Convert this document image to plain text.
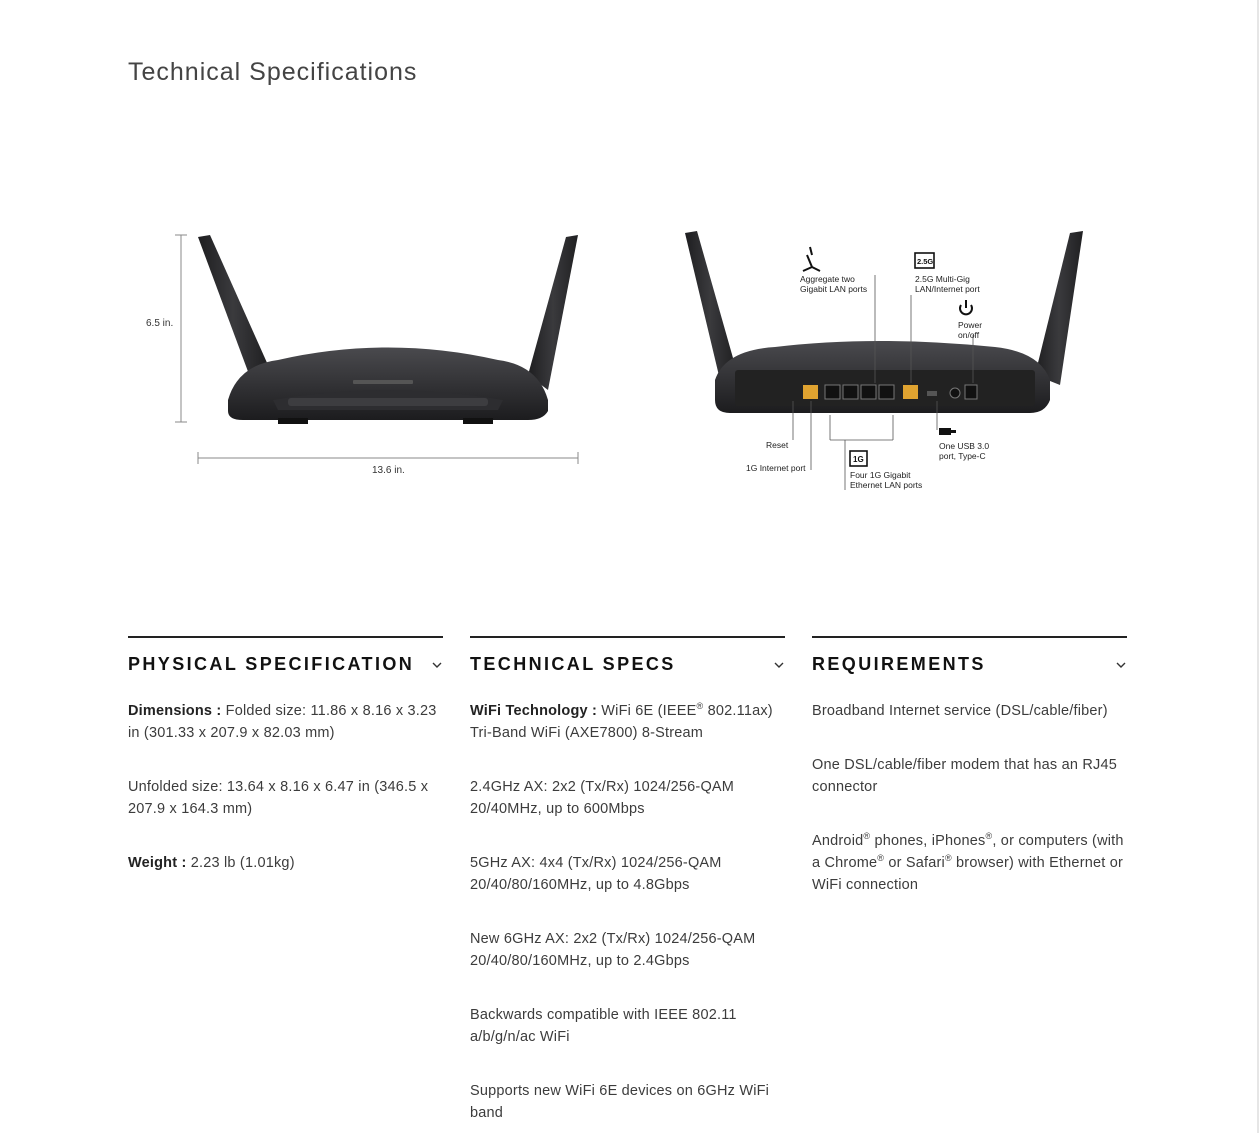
Technical Specifications
6.5 in.
13.6 in.
Aggregate two
Gigabit LAN ports
2.5G
2.5G Multi-Gig
LAN/Internet port
Power
on/off
Reset
1G Internet port
1G
Four 1G Gigabit
Ethernet LAN ports
One USB 3.0
port, Type-C
PHYSICAL SPECIFICATION

Dimensions : Folded size: 11.86 x 8.16 x 3.23 in (301.33 x 207.9 x 82.03 mm)

Unfolded size: 13.64 x 8.16 x 6.47 in (346.5 x 207.9 x 164.3 mm)

Weight : 2.23 lb (1.01kg)

TECHNICAL SPECS

WiFi Technology : WiFi 6E (IEEE® 802.11ax) Tri-Band WiFi (AXE7800) 8-Stream

2.4GHz AX: 2x2 (Tx/Rx) 1024/256-QAM 20/40MHz, up to 600Mbps

5GHz AX: 4x4 (Tx/Rx) 1024/256-QAM 20/40/80/160MHz, up to 4.8Gbps

New 6GHz AX: 2x2 (Tx/Rx) 1024/256-QAM 20/40/80/160MHz, up to 2.4Gbps

Backwards compatible with IEEE 802.11 a/b/g/n/ac WiFi

Supports new WiFi 6E devices on 6GHz WiFi band

REQUIREMENTS

Broadband Internet service (DSL/cable/fiber)

One DSL/cable/fiber modem that has an RJ45 connector

Android® phones, iPhones®, or computers (with a Chrome® or Safari® browser) with Ethernet or WiFi connection
